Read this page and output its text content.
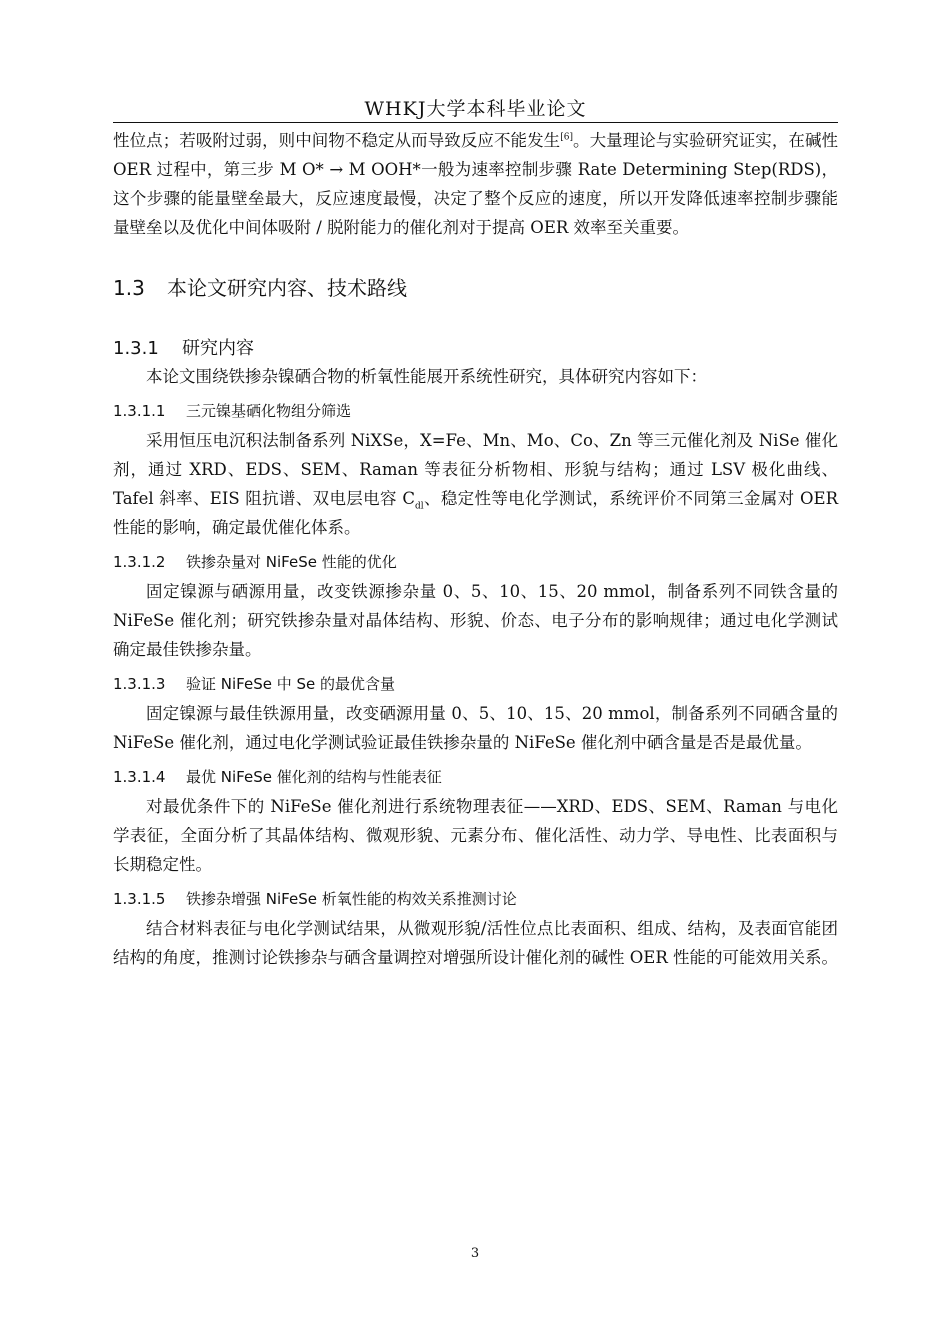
WHKJ大学本科毕业论文

性位点；若吸附过弱，则中间物不稳定从而导致反应不能发生[6]。大量理论与实验研究证实，在碱性 OER 过程中，第三步 M O* → M OOH*一般为速率控制步骤 Rate Determining Step(RDS)，这个步骤的能量壁垒最大，反应速度最慢，决定了整个反应的速度，所以开发降低速率控制步骤能量壁垒以及优化中间体吸附 / 脱附能力的催化剂对于提高 OER 效率至关重要。

1.3 本论文研究内容、技术路线
1.3.1 研究内容

本论文围绕铁掺杂镍硒合物的析氧性能展开系统性研究，具体研究内容如下：

1.3.1.1 三元镍基硒化物组分筛选

采用恒压电沉积法制备系列 NiXSe，X=Fe、Mn、Mo、Co、Zn 等三元催化剂及 NiSe 催化剂，通过 XRD、EDS、SEM、Raman 等表征分析物相、形貌与结构；通过 LSV 极化曲线、Tafel 斜率、EIS 阻抗谱、双电层电容 $C_{dl}$、稳定性等电化学测试，系统评价不同第三金属对 OER 性能的影响，确定最优催化体系。

1.3.1.2 铁掺杂量对 NiFeSe 性能的优化

固定镍源与硒源用量，改变铁源掺杂量 0、5、10、15、20 mmol，制备系列不同铁含量的 NiFeSe 催化剂；研究铁掺杂量对晶体结构、形貌、价态、电子分布的影响规律；通过电化学测试确定最佳铁掺杂量。

1.3.1.3 验证 NiFeSe 中 Se 的最优含量

固定镍源与最佳铁源用量，改变硒源用量 0、5、10、15、20 mmol，制备系列不同硒含量的 NiFeSe 催化剂，通过电化学测试验证最佳铁掺杂量的 NiFeSe 催化剂中硒含量是否是最优量。

1.3.1.4 最优 NiFeSe 催化剂的结构与性能表征

对最优条件下的 NiFeSe 催化剂进行系统物理表征——XRD、EDS、SEM、Raman 与电化学表征，全面分析了其晶体结构、微观形貌、元素分布、催化活性、动力学、导电性、比表面积与长期稳定性。

1.3.1.5 铁掺杂增强 NiFeSe 析氧性能的构效关系推测讨论

结合材料表征与电化学测试结果，从微观形貌/活性位点比表面积、组成、结构，及表面官能团结构的角度，推测讨论铁掺杂与硒含量调控对增强所设计催化剂的碱性 OER 性能的可能效用关系。

3
